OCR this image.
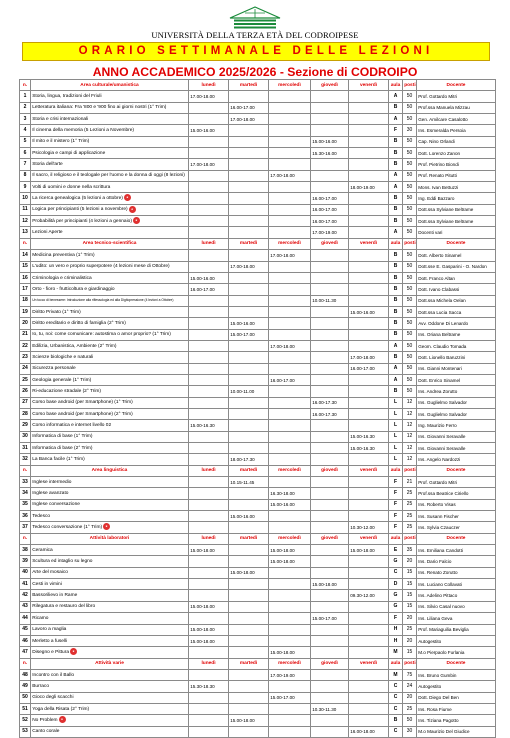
UNIVERSITÀ DELLA TERZA ETÀ DEL CODROIPESE
ORARIO SETTIMANALE DELLE LEZIONI
ANNO ACCADEMICO 2025/2026 - Sezione di CODROIPO
n.	Area culturale/umanistica	lunedì	martedì	mercoledì	giovedì	venerdì	aula	posti	Docente
1	Storia, lingua, tradizioni del Friuli	17.00-18.00					A	50	Prof. Gottardo Mitri
2	Letteratura italiana: Fra '800 e '900 fino ai giorni nostri (1° Trim)		16.00-17.00				B	50	Prof.ssa Manuela Mizzau
3	Storia e crisi internazionali		17.00-18.00				A	50	Gen. Amilcare Casalotto
4	Il cinema della memoria (5 Lezioni a Novembre)	15.00-16.00					F	30	Ins. Esmeralda Persoia
5	Il mito e il mistero (1° Trim)				15.00-16.00		B	50	Cap. Nino Orlandi
6	Psicologia e campi di applicazione				15.30-16.00		B	50	Dott. Lorenzo Zanon
7	Storia dell'arte	17.00-18.00					B	50	Prof. Pietrino Biondi
8	Il sacro, il religioso e il teologale per l'uomo e la donna di oggi (8 lezioni)			17.00-18.00			A	50	Prof. Renato Pitutti
9	Volti di uomini e donne nella scrittura					18.00-19.00	A	50	Mons. Ivan Bettuzzi
10	La ricerca genealogica (5 lezioni a ottobre) ★				16.00-17.00		B	50	Ing. Eddi Bazzaro
11	Logica per principianti (5 lezioni a novembre) ★				16.00-17.00		B	50	Dott.ssa Sylviane Beltrame
12	Probabilità per principianti (4 lezioni a gennaio) ★				16.00-17.00		B	50	Dott.ssa Sylviane Beltrame
13	Lezioni Aperte				17.00-19.00		A	50	Docenti vari
n.	Area tecnico-scientifica	lunedì	martedì	mercoledì	giovedì	venerdì	aula	posti	Docente
14	Medicina preventiva (1° Trim)			17.00-18.00			B	50	Dott. Alberto Sinamel
15	L'udito: un vero e proprio superpotere (4 lezioni mese di Ottobre)		17.00-18.00				B	50	Dott.sse E. Gasparini - O. Nardon
16	Criminologia e criminalistica	15.00-16.00					B	50	Dott. Franco Altan
17	Orto - fioro - frutticoltura e giardinaggio	16.00-17.00					B	50	Dott. Ivano Clabassi
18	Un tocco di benessere: Introduzione alla riflessologia ed alla Digitopressione (4 lezioni a Ottobre)				10.00-11.30		B	50	Dott.ssa Michela Oelan
19	Diritto Privato (1° Trim)					15.00-16.00	B	50	Dott.ssa Lucia Sacca
20	Diritto ereditario e diritto di famiglia (2° Trim)		15.00-16.00				B	50	Avv. Oddone Di Lenardo
21	Io, tu, noi: come comunicare: autostima o amor proprio? (1° Trim)		15.00-17.00				B	50	Ins. Oriana Beltrame
22	Edilizia, Urbanistica, Ambiente (2° Trim)			17.00-18.00			A	50	Geom. Claudio Tomada
23	Scienze biologiche e naturali					17.00-18.00	B	50	Dott. Lionello Baruzzini
24	Sicurezza personale					16.00-17.00	A	50	Ins. Gianni Montenari
25	Geologia generale (1° Trim)			16.00-17.00			A	50	Dott. Enrico Sinamel
26	Ri-educazione stradale (2° Trim)		10.00-11.00				B	50	Ins. Andrea Zorutto
27	Corso base android (per Smartphone) (1° Trim)				16.00-17.30		L	12	Ins. Guglielmo Salvador
28	Corso base android (per Smartphone) (2° Trim)				16.00-17.30		L	12	Ins. Guglielmo Salvador
29	Corso informatica e internet livello 02	15.00-16.30					L	12	Ing. Maurizio Ferro
30	Informatica di base (1° Trim)					15.00-16.30	L	12	Ins. Giovanni Seravalle
31	Informatica di base (2° Trim)					15.00-16.30	L	12	Ins. Giovanni Seravalle
32	La Banca facile (1° Trim)		18.00-17.30				L	12	Ins. Angelo Nardozzi
n.	Area linguistica	lunedì	martedì	mercoledì	giovedì	venerdì	aula	posti	Docente
33	Inglese intermedio		10.15-11.45				F	21	Prof. Gottardo Mitri
34	Inglese avanzato			16.30-18.00			F	25	Prof.ssa Beatrice Ciriello
35	Inglese conversazione			15.00-16.00			F	25	Ins. Roberto Visas
36	Tedesco		15.00-16.00				F	25	Ins. Susann Fischer
37	Tedesco conversazione (1° Trim) ★					10.30-12.00	F	25	Ins. Sylvia Czauczer
n.	Attività laboratori	lunedì	martedì	mercoledì	giovedì	venerdì	aula	posti	Docente
38	Ceramica	15.00-18.00		15.00-18.00		15.00-18.00	E	35	Ins. Emiliana Candotti
39	Scultura ed intaglio su legno			15.00-18.00			G	20	Ins. Dario Falcio
40	Arte del mosaico		15.00-18.00				C	15	Ins. Renato Zorutto
41	Cesti in vimini				15.00-18.00		D	15	Ins. Luciano Collavati
42	Bassorilievo in Rame					09.30-12.00	G	15	Ins. Adelino Pittaco
43	Rilegatura e restauro del libro	15.00-18.00					G	15	Ins. Silvio Casal nuovo
44	Ricamo				15.00-17.00		F	20	Ins. Liliana Geva
45	Lavoro a maglia	15.00-18.00					H	25	Prof. Mariaguilia Beviglia
46	Merletto a fuselli	15.00-18.00					H	20	Autogestito
47	Disegno e Pittura ★			15.00-18.00			M	15	M.o Pierpaolo Furlania
n.	Attività varie	lunedì	martedì	mercoledì	giovedì	venerdì	aula	posti	Docente
48	Incontro con il Ballo			17.00-19.00			M	75	Ins. Bruno Gumbin
49	Burraco	15.30-18.30					C	24	Autogestito
50	Gioco degli scacchi			15.00-17.00			C	20	Dott. Diego Del Ben
51	Yoga della Risata (2° Trim)				10.30-11.30		C	25	Ins. Rosa Fiume
52	No Problem ★		15.00-18.00				B	50	Ins. Tiziana Pagotto
53	Canto corale					16.00-18.00	C	30	M.o Maurizio Del Giudice
